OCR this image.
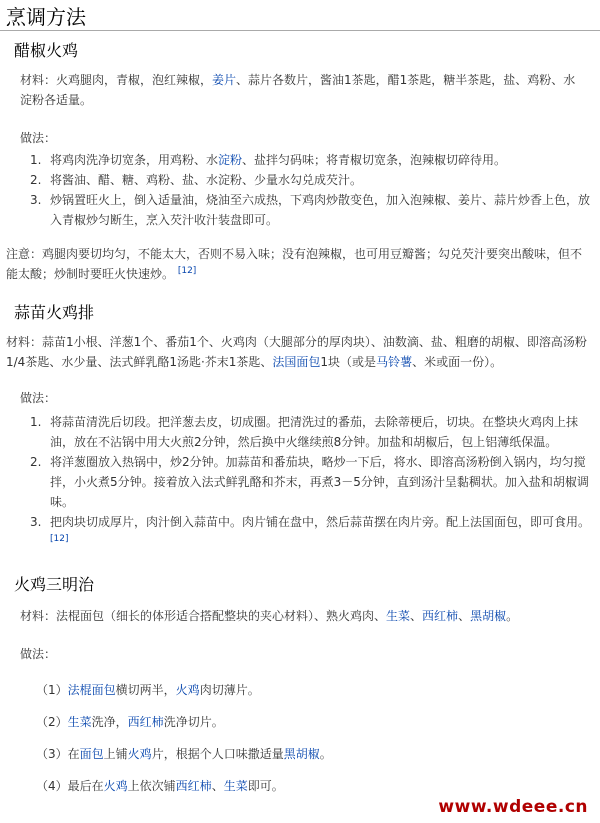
烹调方法
醋椒火鸡
材料：火鸡腿肉，青椒，泡红辣椒，姜片、蒜片各数片，酱油1茶匙，醋1茶匙，糖半茶匙，盐、鸡粉、水淀粉各适量。
做法：
1. 将鸡肉洗净切宽条，用鸡粉、水淀粉、盐拌匀码味；将青椒切宽条，泡辣椒切碎待用。
2. 将酱油、醋、糖、鸡粉、盐、水淀粉、少量水勾兑成芡汁。
3. 炒锅置旺火上，倒入适量油，烧油至六成热，下鸡肉炒散变色，加入泡辣椒、姜片、蒜片炒香上色，放入青椒炒匀断生，烹入芡汁收汁装盘即可。
注意：鸡腿肉要切均匀，不能太大，否则不易入味；没有泡辣椒，也可用豆瓣酱；勾兑芡汁要突出酸味，但不能太酸；炒制时要旺火快速炒。 [12]
蒜苗火鸡排
材料：蒜苗1小根、洋葱1个、番茄1个、火鸡肉（大腿部分的厚肉块）、油数滴、盐、粗磨的胡椒、即溶高汤粉1/4茶匙、水少量、法式鲜乳酪1汤匙·芥末1茶匙、法国面包1块（或是马铃薯、米或面一份）。
做法：
1. 将蒜苗清洗后切段。把洋葱去皮，切成圈。把清洗过的番茄，去除蒂梗后，切块。在整块火鸡肉上抹油，放在不沾锅中用大火煎2分钟，然后换中火继续煎8分钟。加盐和胡椒后，包上铝薄纸保温。
2. 将洋葱圈放入热锅中，炒2分钟。加蒜苗和番茄块，略炒一下后，将水、即溶高汤粉倒入锅内，均匀搅拌，小火煮5分钟。接着放入法式鲜乳酪和芥末，再煮3－5分钟，直到汤汁呈黏稠状。加入盐和胡椒调味。
3. 把肉块切成厚片，肉汁倒入蒜苗中。肉片铺在盘中，然后蒜苗摆在肉片旁。配上法国面包，即可食用。
[12]
火鸡三明治
材料：法棍面包（细长的体形适合搭配整块的夹心材料）、熟火鸡肉、生菜、西红柿、黑胡椒。
做法：
（1）法棍面包横切两半，火鸡肉切薄片。
（2）生菜洗净，西红柿洗净切片。
（3）在面包上铺火鸡片，根据个人口味撒适量黑胡椒。
（4）最后在火鸡上依次铺西红柿、生菜即可。
www.wdeee.cn
